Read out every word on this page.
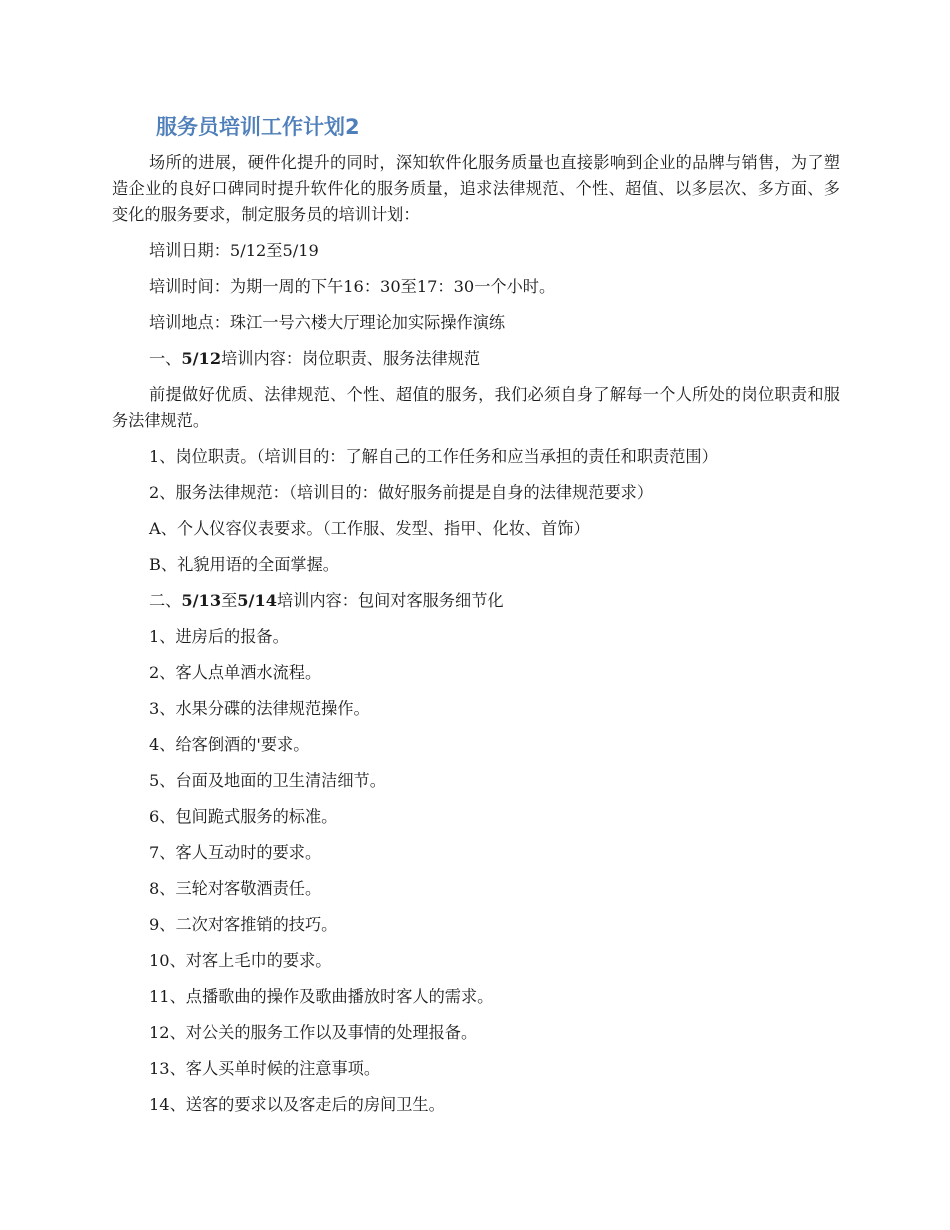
服务员培训工作计划2

场所的进展，硬件化提升的同时，深知软件化服务质量也直接影响到企业的品牌与销售，为了塑造企业的良好口碑同时提升软件化的服务质量，追求法律规范、个性、超值、以多层次、多方面、多变化的服务要求，制定服务员的培训计划：

培训日期：5/12至5/19

培训时间：为期一周的下午16：30至17：30一个小时。

培训地点：珠江一号六楼大厅理论加实际操作演练

一、5/12培训内容：岗位职责、服务法律规范

前提做好优质、法律规范、个性、超值的服务，我们必须自身了解每一个人所处的岗位职责和服务法律规范。

1、岗位职责。（培训目的：了解自己的工作任务和应当承担的责任和职责范围）

2、服务法律规范：（培训目的：做好服务前提是自身的法律规范要求）

A、个人仪容仪表要求。（工作服、发型、指甲、化妆、首饰）

B、礼貌用语的全面掌握。

二、5/13至5/14培训内容：包间对客服务细节化

1、进房后的报备。

2、客人点单酒水流程。

3、水果分碟的法律规范操作。

4、给客倒酒的'要求。

5、台面及地面的卫生清洁细节。

6、包间跪式服务的标准。

7、客人互动时的要求。

8、三轮对客敬酒责任。

9、二次对客推销的技巧。

10、对客上毛巾的要求。

11、点播歌曲的操作及歌曲播放时客人的需求。

12、对公关的服务工作以及事情的处理报备。

13、客人买单时候的注意事项。

14、送客的要求以及客走后的房间卫生。
